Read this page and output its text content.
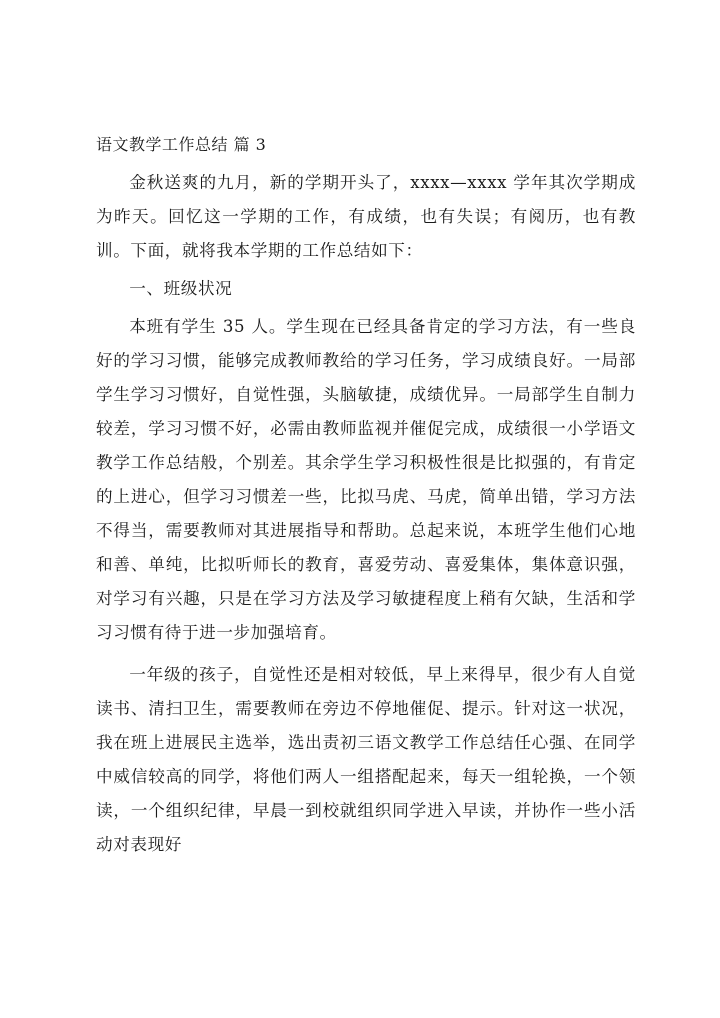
语文教学工作总结 篇 3

金秋送爽的九月，新的学期开头了，xxxx—xxxx 学年其次学期成为昨天。回忆这一学期的工作，有成绩，也有失误；有阅历，也有教训。下面，就将我本学期的工作总结如下：

一、班级状况

本班有学生 35 人。学生现在已经具备肯定的学习方法，有一些良好的学习习惯，能够完成教师教给的学习任务，学习成绩良好。一局部学生学习习惯好，自觉性强，头脑敏捷，成绩优异。一局部学生自制力较差，学习习惯不好，必需由教师监视并催促完成，成绩很一小学语文教学工作总结般，个别差。其余学生学习积极性很是比拟强的，有肯定的上进心，但学习习惯差一些，比拟马虎、马虎，简单出错，学习方法不得当，需要教师对其进展指导和帮助。总起来说，本班学生他们心地和善、单纯，比拟听师长的教育，喜爱劳动、喜爱集体，集体意识强，对学习有兴趣，只是在学习方法及学习敏捷程度上稍有欠缺，生活和学习习惯有待于进一步加强培育。

一年级的孩子，自觉性还是相对较低，早上来得早，很少有人自觉读书、清扫卫生，需要教师在旁边不停地催促、提示。针对这一状况，我在班上进展民主选举，选出责初三语文教学工作总结任心强、在同学中威信较高的同学，将他们两人一组搭配起来，每天一组轮换，一个领读，一个组织纪律，早晨一到校就组织同学进入早读，并协作一些小活动对表现好
